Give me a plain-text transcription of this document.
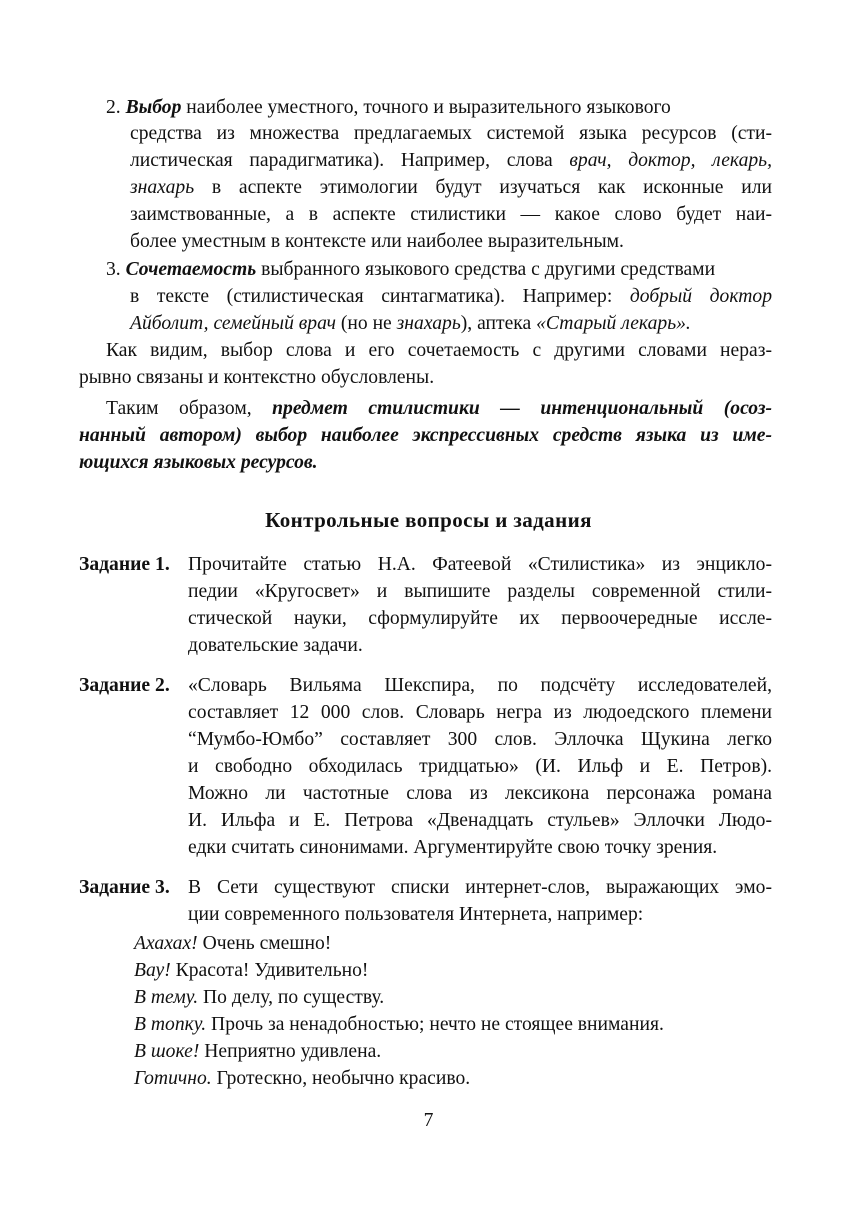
2. Выбор наиболее уместного, точного и выразительного языкового
средства из множества предлагаемых системой языка ресурсов (сти-
листическая парадигматика). Например, слова врач, доктор, лекарь,
знахарь в аспекте этимологии будут изучаться как исконные или
заимствованные, а в аспекте стилистики — какое слово будет наи-
более уместным в контексте или наиболее выразительным.
3. Сочетаемость выбранного языкового средства с другими средствами
в тексте (стилистическая синтагматика). Например: добрый доктор
Айболит, семейный врач (но не знахарь), аптека «Старый лекарь».
Как видим, выбор слова и его сочетаемость с другими словами нераз-
рывно связаны и контекстно обусловлены.
Таким образом, предмет стилистики — интенциональный (осоз-
нанный автором) выбор наиболее экспрессивных средств языка из име-
ющихся языковых ресурсов.
Контрольные вопросы и задания
Задание 1. Прочитайте статью Н.А. Фатеевой «Стилистика» из энцикло-
педии «Кругосвет» и выпишите разделы современной стили-
стической науки, сформулируйте их первоочередные иссле-
довательские задачи.
Задание 2. «Словарь Вильяма Шекспира, по подсчёту исследователей,
составляет 12 000 слов. Словарь негра из людоедского племени
“Мумбо-Юмбо” составляет 300 слов. Эллочка Щукина легко
и свободно обходилась тридцатью» (И. Ильф и Е. Петров).
Можно ли частотные слова из лексикона персонажа романа
И. Ильфа и Е. Петрова «Двенадцать стульев» Эллочки Людо-
едки считать синонимами. Аргументируйте свою точку зрения.
Задание 3. В Сети существуют списки интернет-слов, выражающих эмо-
ции современного пользователя Интернета, например:
Ахахах! Очень смешно!
Вау! Красота! Удивительно!
В тему. По делу, по существу.
В топку. Прочь за ненадобностью; нечто не стоящее внимания.
В шоке! Неприятно удивлена.
Готично. Гротескно, необычно красиво.
7
